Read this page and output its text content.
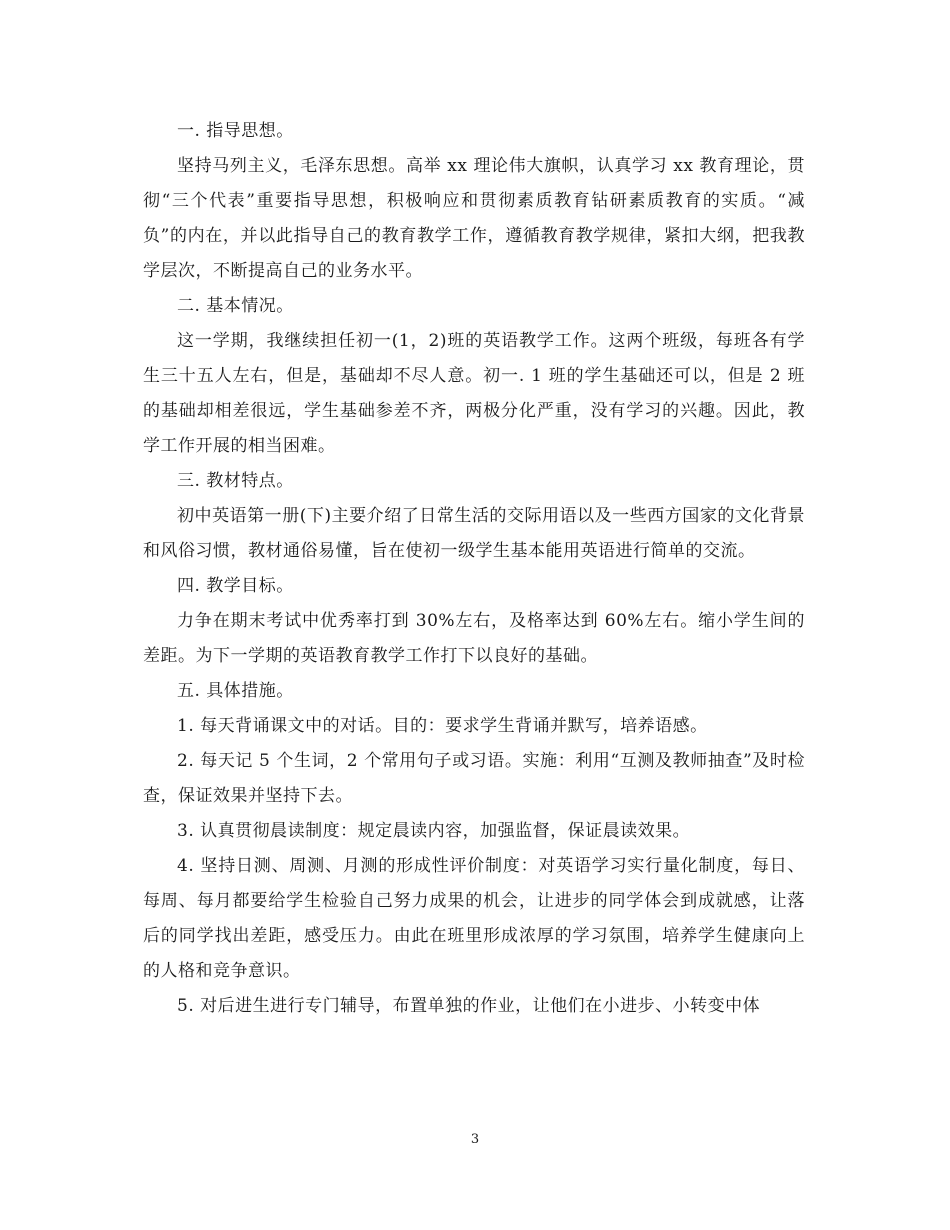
一. 指导思想。

坚持马列主义，毛泽东思想。高举 xx 理论伟大旗帜，认真学习 xx 教育理论，贯彻“三个代表”重要指导思想，积极响应和贯彻素质教育钻研素质教育的实质。“减负”的内在，并以此指导自己的教育教学工作，遵循教育教学规律，紧扣大纲，把我教学层次，不断提高自己的业务水平。

二. 基本情况。

这一学期，我继续担任初一(1，2)班的英语教学工作。这两个班级，每班各有学生三十五人左右，但是，基础却不尽人意。初一. 1 班的学生基础还可以，但是 2 班的基础却相差很远，学生基础参差不齐，两极分化严重，没有学习的兴趣。因此，教学工作开展的相当困难。

三. 教材特点。

初中英语第一册(下)主要介绍了日常生活的交际用语以及一些西方国家的文化背景和风俗习惯，教材通俗易懂，旨在使初一级学生基本能用英语进行简单的交流。

四. 教学目标。

力争在期末考试中优秀率打到 30%左右，及格率达到 60%左右。缩小学生间的差距。为下一学期的英语教育教学工作打下以良好的基础。

五. 具体措施。

1. 每天背诵课文中的对话。目的：要求学生背诵并默写，培养语感。

2. 每天记 5 个生词，2 个常用句子或习语。实施：利用“互测及教师抽查”及时检查，保证效果并坚持下去。

3. 认真贯彻晨读制度：规定晨读内容，加强监督，保证晨读效果。

4. 坚持日测、周测、月测的形成性评价制度：对英语学习实行量化制度，每日、每周、每月都要给学生检验自己努力成果的机会，让进步的同学体会到成就感，让落后的同学找出差距，感受压力。由此在班里形成浓厚的学习氛围，培养学生健康向上的人格和竞争意识。

5. 对后进生进行专门辅导，布置单独的作业，让他们在小进步、小转变中体

3
